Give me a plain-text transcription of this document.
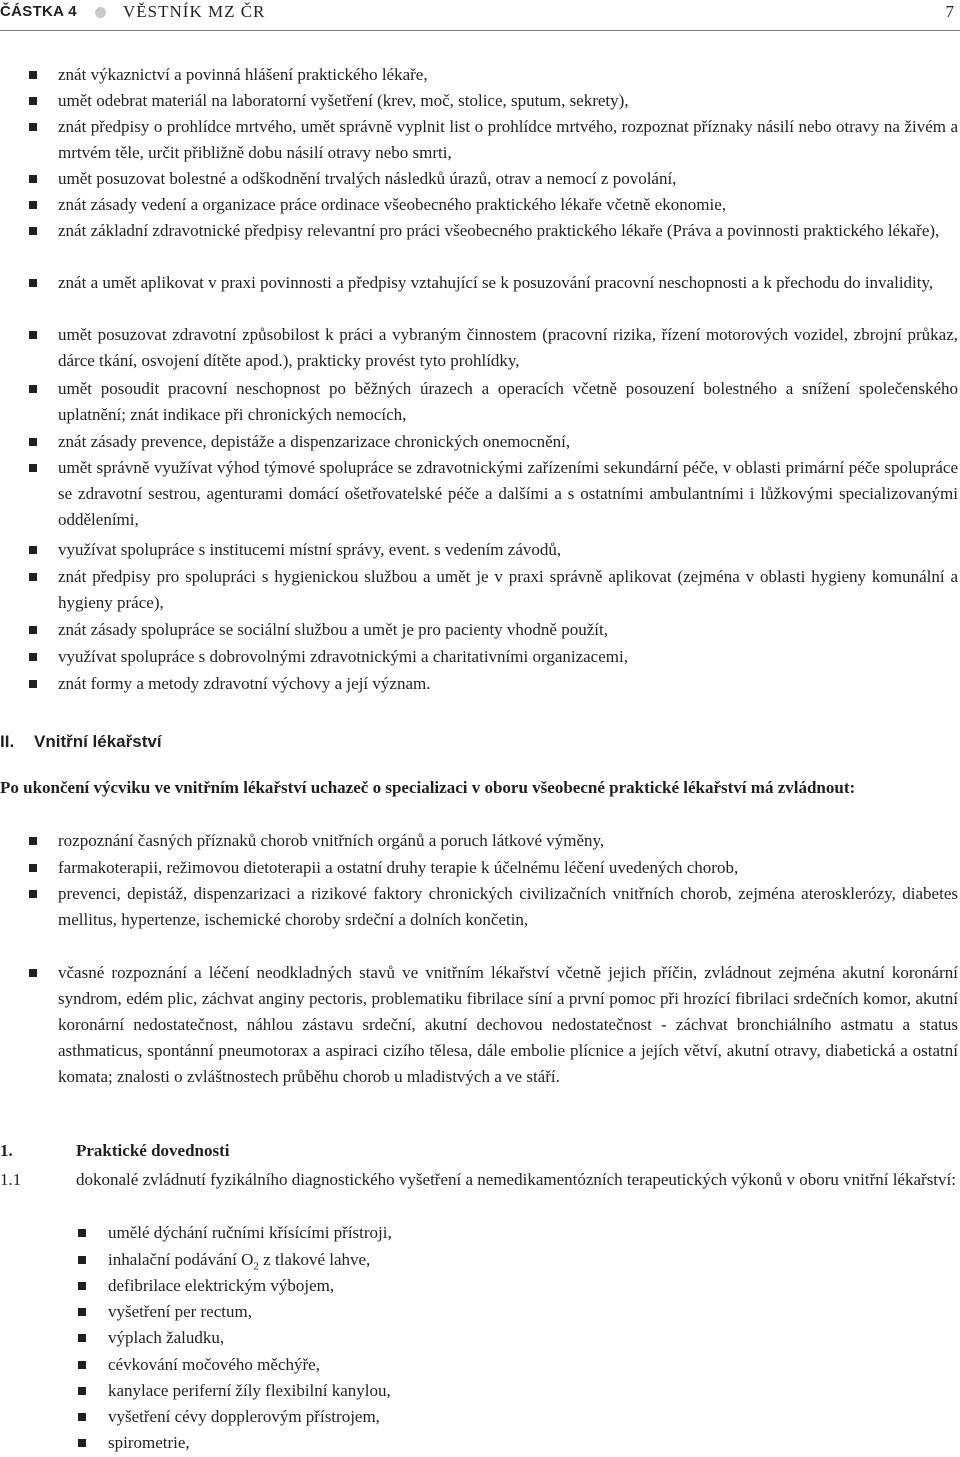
ČÁSTKA 4	VĚSTNÍK MZ ČR	7

znát výkaznictví a povinná hlášení praktického lékaře,

umět odebrat materiál na laboratorní vyšetření (krev, moč, stolice, sputum, sekrety),

znát předpisy o prohlídce mrtvého, umět správně vyplnit list o prohlídce mrtvého, rozpoznat příznaky násilí nebo otravy na živém a mrtvém těle, určit přibližně dobu násilí otravy nebo smrti,

umět posuzovat bolestné a odškodnění trvalých následků úrazů, otrav a nemocí z povolání,

znát zásady vedení a organizace práce ordinace všeobecného praktického lékaře včetně ekonomie,

znát základní zdravotnické předpisy relevantní pro práci všeobecného praktického lékaře (Práva a povinnosti praktického lékaře),

znát a umět aplikovat v praxi povinnosti a předpisy vztahující se k posuzování pracovní neschopnosti a k přechodu do invalidity,

umět posuzovat zdravotní způsobilost k práci a vybraným činnostem (pracovní rizika, řízení motorových vozidel, zbrojní průkaz, dárce tkání, osvojení dítěte apod.), prakticky provést tyto prohlídky,

umět posoudit pracovní neschopnost po běžných úrazech a operacích včetně posouzení bolestného a snížení společenského uplatnění; znát indikace při chronických nemocích,

znát zásady prevence, depistáže a dispenzarizace chronických onemocnění,

umět správně využívat výhod týmové spolupráce se zdravotnickými zařízeními sekundární péče, v oblasti primární péče spolupráce se zdravotní sestrou, agenturami domácí ošetřovatelské péče a dalšími a s ostatními ambulantními i lůžkovými specializovanými odděleními,

využívat spolupráce s institucemi místní správy, event. s vedením závodů,

znát předpisy pro spolupráci s hygienickou službou a umět je v praxi správně aplikovat (zejména v oblasti hygieny komunální a hygieny práce),

znát zásady spolupráce se sociální službou a umět je pro pacienty vhodně použít,

využívat spolupráce s dobrovolnými zdravotnickými a charitativními organizacemi,

znát formy a metody zdravotní výchovy a její význam.

II. Vnitřní lékařství

Po ukončení výcviku ve vnitřním lékařství uchazeč o specializaci v oboru všeobecné praktické lékařství má zvládnout:

rozpoznání časných příznaků chorob vnitřních orgánů a poruch látkové výměny,

farmakoterapii, režimovou dietoterapii a ostatní druhy terapie k účelnému léčení uvedených chorob,

prevenci, depistáž, dispenzarizaci a rizikové faktory chronických civilizačních vnitřních chorob, zejména aterosklerózy, diabetes mellitus, hypertenze, ischemické choroby srdeční a dolních končetin,

včasné rozpoznání a léčení neodkladných stavů ve vnitřním lékařství včetně jejich příčin, zvládnout zejména akutní koronární syndrom, edém plic, záchvat anginy pectoris, problematiku fibrilace síní a první pomoc při hrozící fibrilaci srdečních komor, akutní koronární nedostatečnost, náhlou zástavu srdeční, akutní dechovou nedostatečnost - záchvat bronchiálního astmatu a status asthmaticus, spontánní pneumotorax a aspiraci cizího tělesa, dále embolie plícnice a jejích větví, akutní otravy, diabetická a ostatní komata; znalosti o zvláštnostech průběhu chorob u mladistvých a ve stáří.

1.	Praktické dovednosti
1.1	dokonalé zvládnutí fyzikálního diagnostického vyšetření a nemedikamentózních terapeutických výkonů v oboru vnitřní lékařství:

umělé dýchání ručními křísícími přístroji,

inhalační podávání $O_2$ z tlakové lahve,

defibrilace elektrickým výbojem,

vyšetření per rectum,

výplach žaludku,

cévkování močového měchýře,

kanylace periferní žíly flexibilní kanylou,

vyšetření cévy dopplerovým přístrojem,

spirometrie,
